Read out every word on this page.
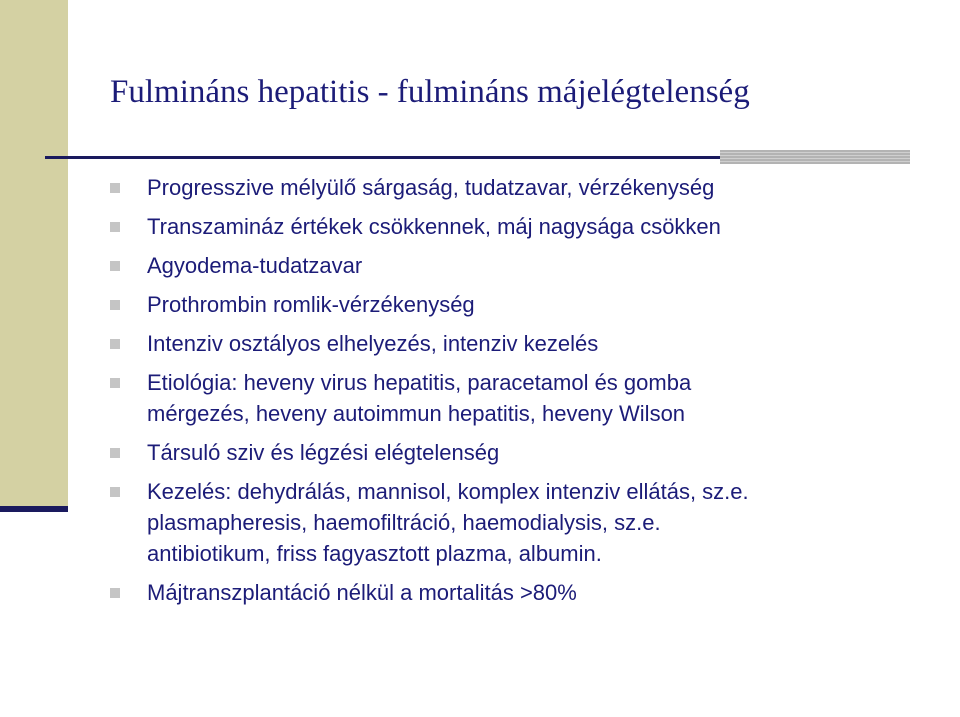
Fulmináns hepatitis - fulmináns májelégtelenség
Progresszive mélyülő sárgaság, tudatzavar, vérzékenység
Transzamináz értékek csökkennek, máj nagysága csökken
Agyodema-tudatzavar
Prothrombin romlik-vérzékenység
Intenziv osztályos elhelyezés, intenziv kezelés
Etiológia: heveny virus hepatitis, paracetamol és gomba
mérgezés, heveny autoimmun hepatitis, heveny Wilson
Társuló sziv és légzési elégtelenség
Kezelés: dehydrálás, mannisol, komplex intenziv ellátás, sz.e.
plasmapheresis, haemofiltráció, haemodialysis, sz.e.
antibiotikum, friss fagyasztott plazma, albumin.
Májtranszplantáció nélkül a mortalitás >80%
